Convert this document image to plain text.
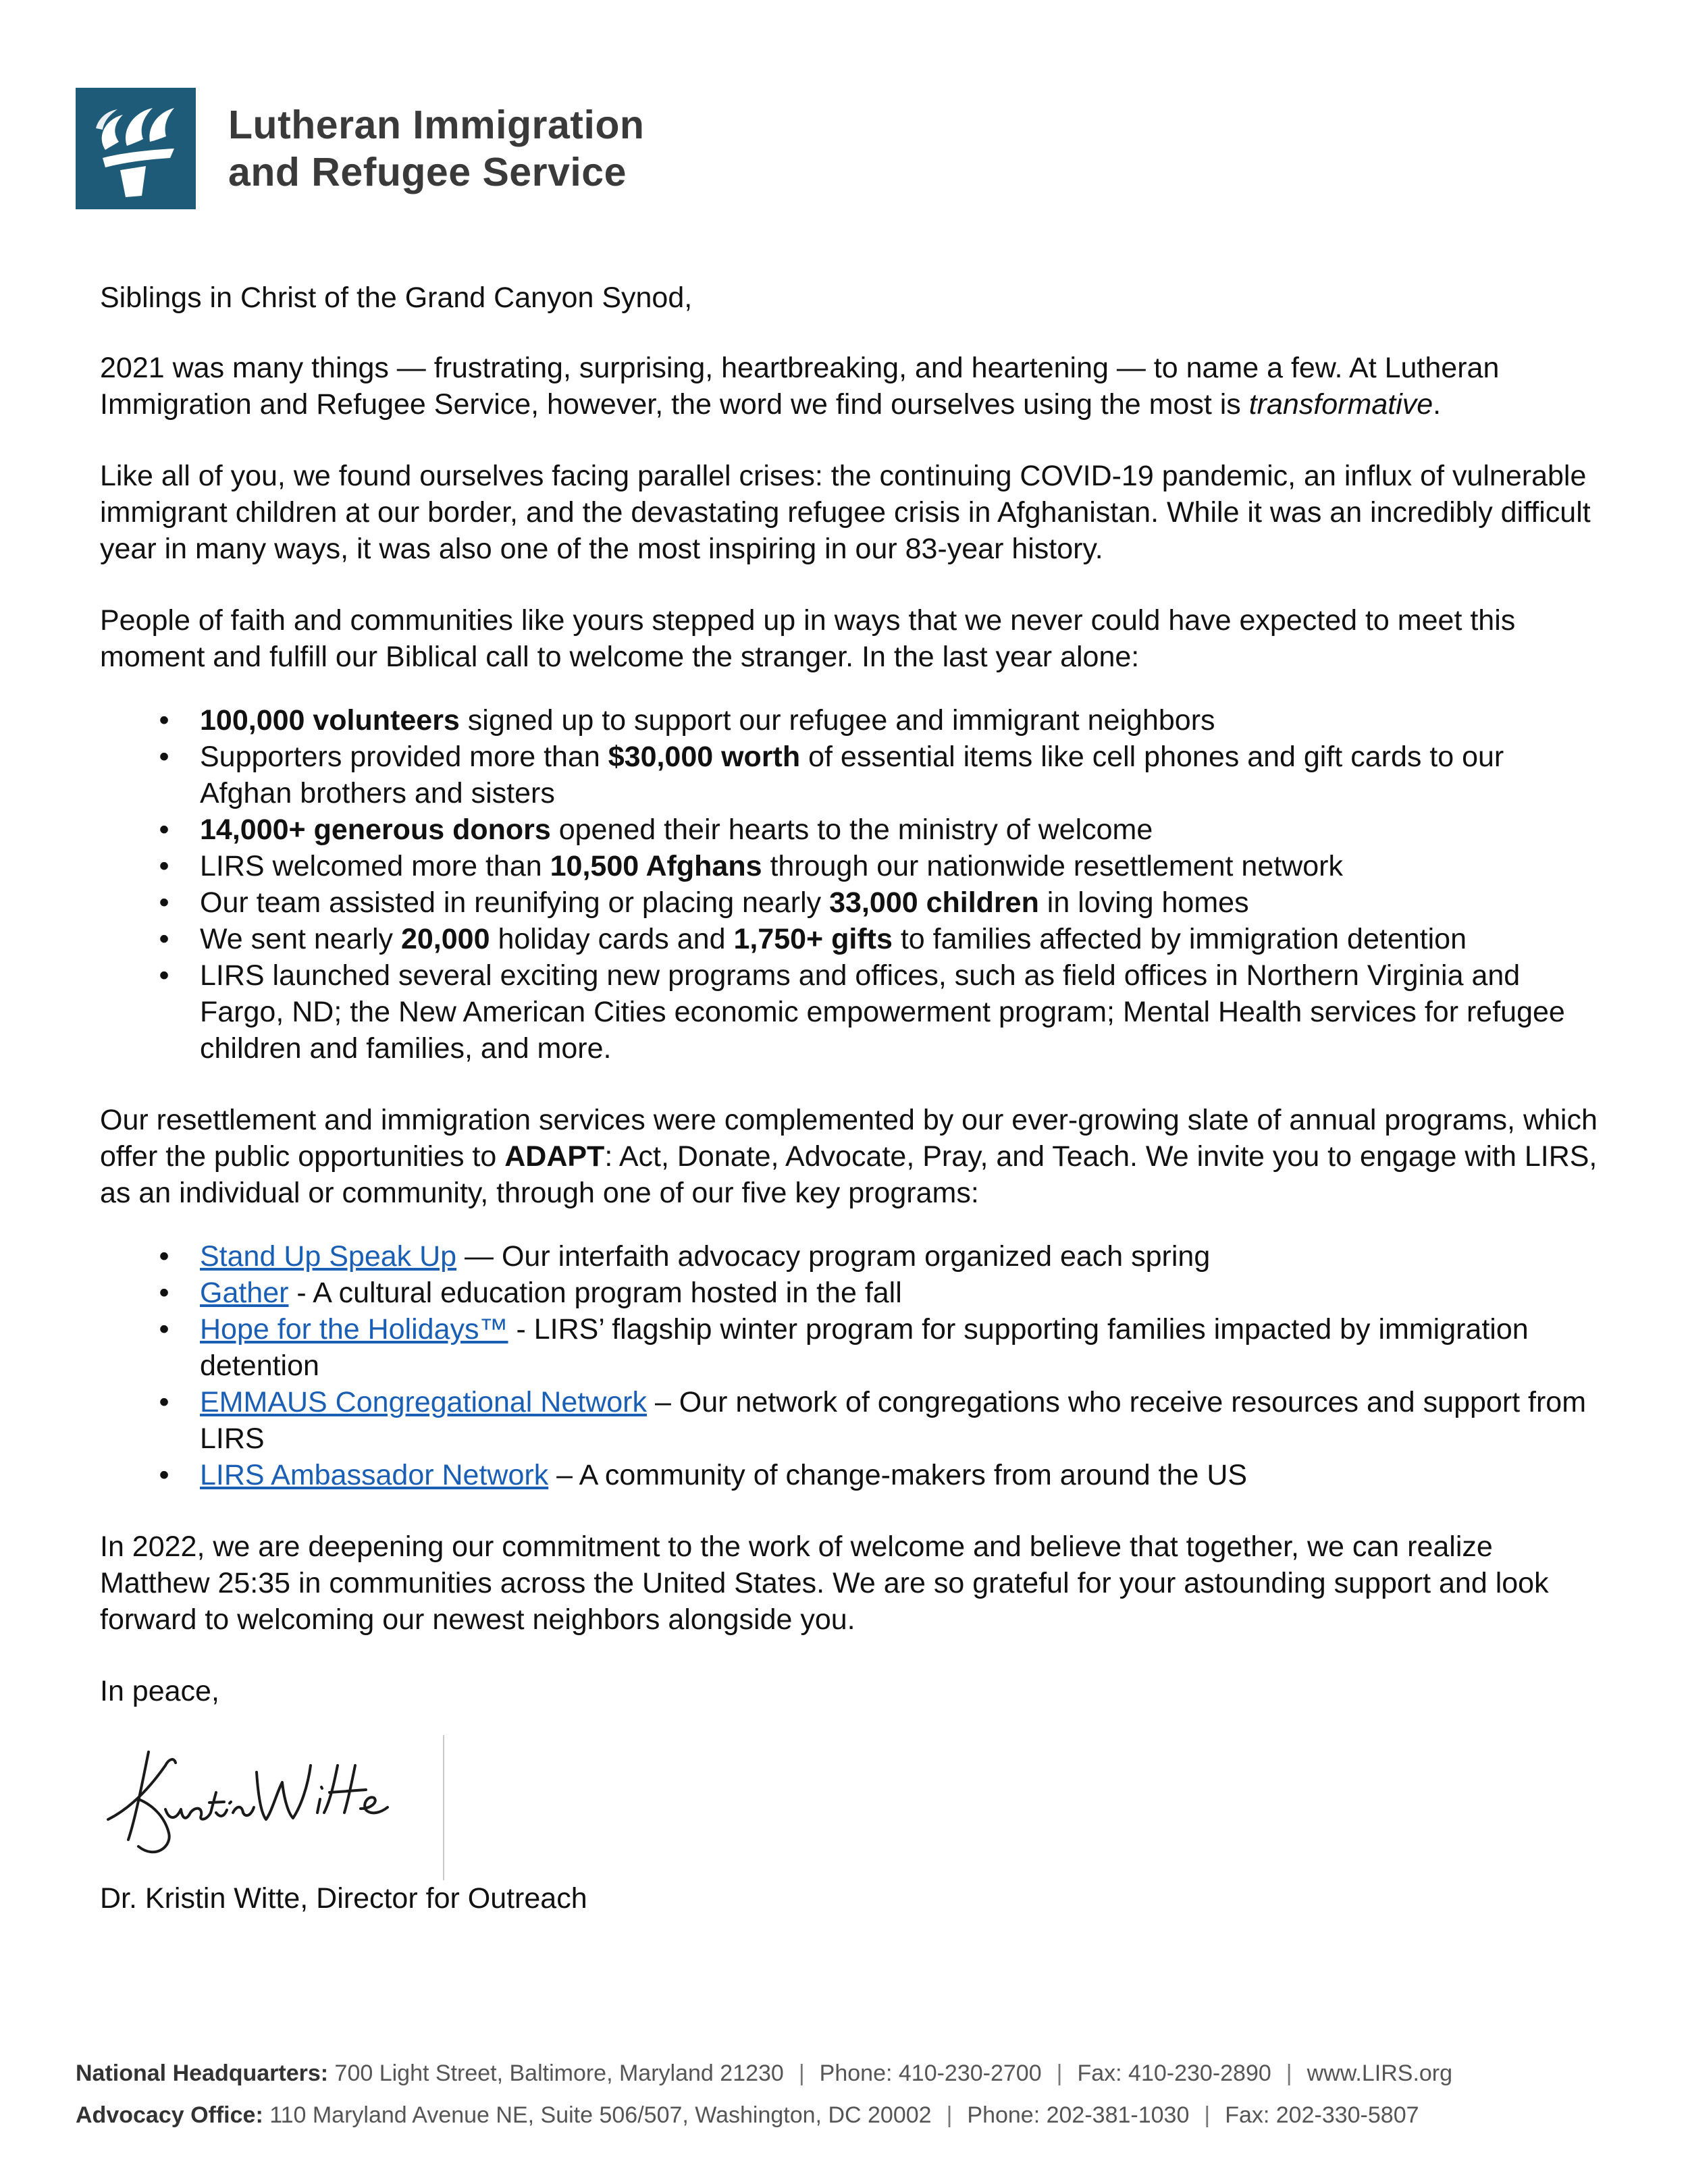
Lutheran Immigration
and Refugee Service

Siblings in Christ of the Grand Canyon Synod,

2021 was many things — frustrating, surprising, heartbreaking, and heartening — to name a few. At Lutheran Immigration and Refugee Service, however, the word we find ourselves using the most is transformative.

Like all of you, we found ourselves facing parallel crises: the continuing COVID-19 pandemic, an influx of vulnerable immigrant children at our border, and the devastating refugee crisis in Afghanistan. While it was an incredibly difficult year in many ways, it was also one of the most inspiring in our 83-year history.

People of faith and communities like yours stepped up in ways that we never could have expected to meet this moment and fulfill our Biblical call to welcome the stranger. In the last year alone:

• 100,000 volunteers signed up to support our refugee and immigrant neighbors
• Supporters provided more than $30,000 worth of essential items like cell phones and gift cards to our Afghan brothers and sisters
• 14,000+ generous donors opened their hearts to the ministry of welcome
• LIRS welcomed more than 10,500 Afghans through our nationwide resettlement network
• Our team assisted in reunifying or placing nearly 33,000 children in loving homes
• We sent nearly 20,000 holiday cards and 1,750+ gifts to families affected by immigration detention
• LIRS launched several exciting new programs and offices, such as field offices in Northern Virginia and Fargo, ND; the New American Cities economic empowerment program; Mental Health services for refugee children and families, and more.

Our resettlement and immigration services were complemented by our ever-growing slate of annual programs, which offer the public opportunities to ADAPT: Act, Donate, Advocate, Pray, and Teach. We invite you to engage with LIRS, as an individual or community, through one of our five key programs:

• Stand Up Speak Up — Our interfaith advocacy program organized each spring
• Gather - A cultural education program hosted in the fall
• Hope for the Holidays™ - LIRS’ flagship winter program for supporting families impacted by immigration detention
• EMMAUS Congregational Network – Our network of congregations who receive resources and support from LIRS
• LIRS Ambassador Network – A community of change-makers from around the US

In 2022, we are deepening our commitment to the work of welcome and believe that together, we can realize Matthew 25:35 in communities across the United States. We are so grateful for your astounding support and look forward to welcoming our newest neighbors alongside you.

In peace,

Dr. Kristin Witte, Director for Outreach
National Headquarters: 700 Light Street, Baltimore, Maryland 21230 | Phone: 410-230-2700 | Fax: 410-230-2890 | www.LIRS.org
Advocacy Office: 110 Maryland Avenue NE, Suite 506/507, Washington, DC 20002 | Phone: 202-381-1030 | Fax: 202-330-5807
